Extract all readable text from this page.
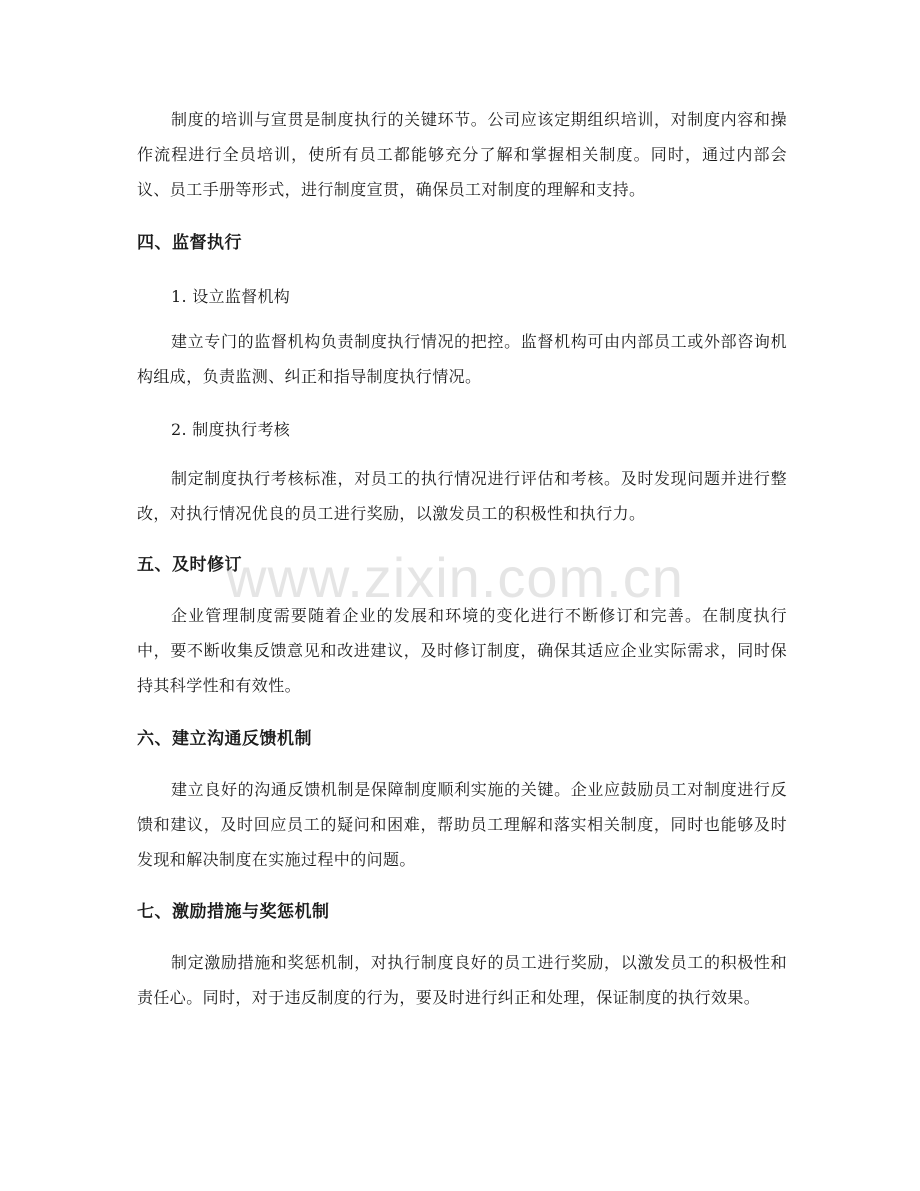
制度的培训与宣贯是制度执行的关键环节。公司应该定期组织培训，对制度内容和操作流程进行全员培训，使所有员工都能够充分了解和掌握相关制度。同时，通过内部会议、员工手册等形式，进行制度宣贯，确保员工对制度的理解和支持。

四、监督执行

1. 设立监督机构

建立专门的监督机构负责制度执行情况的把控。监督机构可由内部员工或外部咨询机构组成，负责监测、纠正和指导制度执行情况。

2. 制度执行考核

制定制度执行考核标准，对员工的执行情况进行评估和考核。及时发现问题并进行整改，对执行情况优良的员工进行奖励，以激发员工的积极性和执行力。

五、及时修订

企业管理制度需要随着企业的发展和环境的变化进行不断修订和完善。在制度执行中，要不断收集反馈意见和改进建议，及时修订制度，确保其适应企业实际需求，同时保持其科学性和有效性。

六、建立沟通反馈机制

建立良好的沟通反馈机制是保障制度顺利实施的关键。企业应鼓励员工对制度进行反馈和建议，及时回应员工的疑问和困难，帮助员工理解和落实相关制度，同时也能够及时发现和解决制度在实施过程中的问题。

七、激励措施与奖惩机制

制定激励措施和奖惩机制，对执行制度良好的员工进行奖励，以激发员工的积极性和责任心。同时，对于违反制度的行为，要及时进行纠正和处理，保证制度的执行效果。

www.zixin.com.cn
